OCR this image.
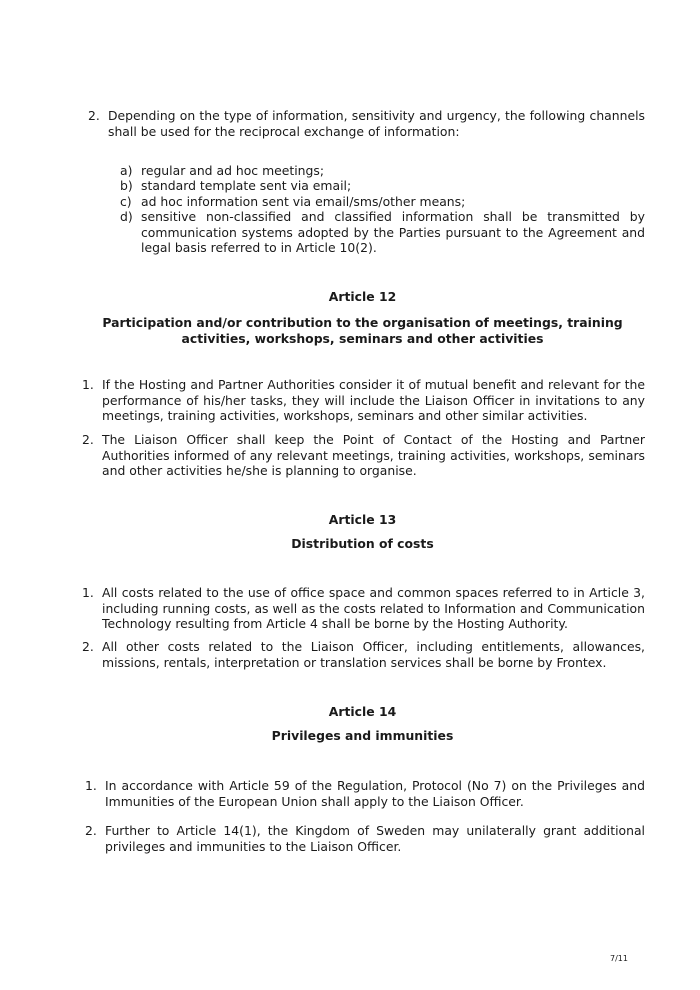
2. Depending on the type of information, sensitivity and urgency, the following channels shall be used for the reciprocal exchange of information:
a) regular and ad hoc meetings;
b) standard template sent via email;
c) ad hoc information sent via email/sms/other means;
d) sensitive non-classified and classified information shall be transmitted by communication systems adopted by the Parties pursuant to the Agreement and legal basis referred to in Article 10(2).
Article 12
Participation and/or contribution to the organisation of meetings, training activities, workshops, seminars and other activities
1. If the Hosting and Partner Authorities consider it of mutual benefit and relevant for the performance of his/her tasks, they will include the Liaison Officer in invitations to any meetings, training activities, workshops, seminars and other similar activities.
2. The Liaison Officer shall keep the Point of Contact of the Hosting and Partner Authorities informed of any relevant meetings, training activities, workshops, seminars and other activities he/she is planning to organise.
Article 13
Distribution of costs
1. All costs related to the use of office space and common spaces referred to in Article 3, including running costs, as well as the costs related to Information and Communication Technology resulting from Article 4 shall be borne by the Hosting Authority.
2. All other costs related to the Liaison Officer, including entitlements, allowances, missions, rentals, interpretation or translation services shall be borne by Frontex.
Article 14
Privileges and immunities
1. In accordance with Article 59 of the Regulation, Protocol (No 7) on the Privileges and Immunities of the European Union shall apply to the Liaison Officer.
2. Further to Article 14(1), the Kingdom of Sweden may unilaterally grant additional privileges and immunities to the Liaison Officer.
7/11
